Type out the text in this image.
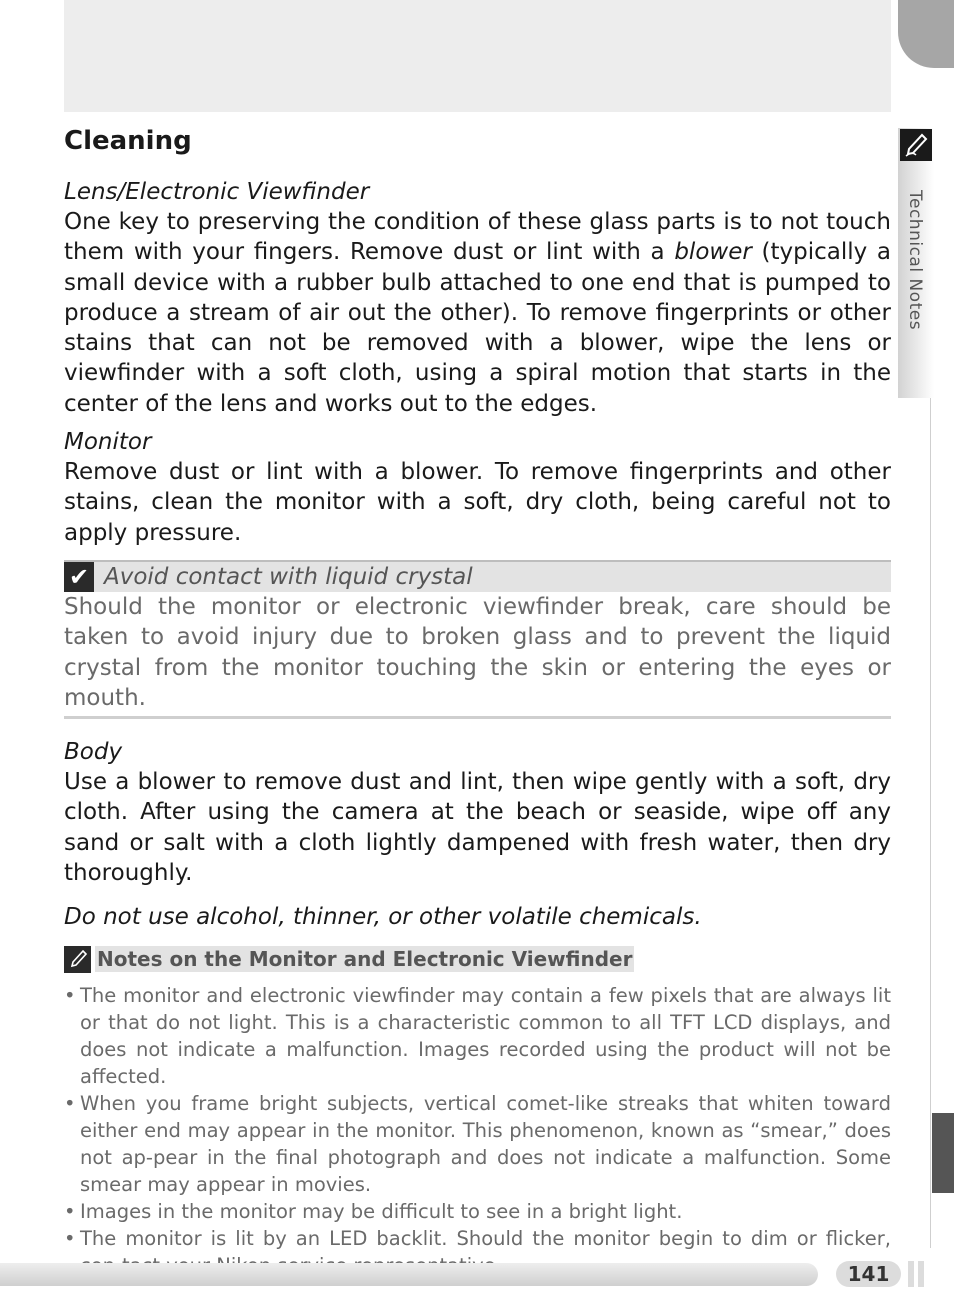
Technical Notes
Cleaning

Lens/Electronic Viewfinder

One key to preserving the condition of these glass parts is to not touch them with your fingers. Remove dust or lint with a blower (typically a small device with a rubber bulb attached to one end that is pumped to produce a stream of air out the other). To remove fingerprints or other stains that can not be removed with a blower, wipe the lens or viewfinder with a soft cloth, using a spiral motion that starts in the center of the lens and works out to the edges.

Monitor

Remove dust or lint with a blower. To remove fingerprints and other stains, clean the monitor with a soft, dry cloth, being careful not to apply pressure.

✔ Avoid contact with liquid crystal

Should the monitor or electronic viewfinder break, care should be taken to avoid injury due to broken glass and to prevent the liquid crystal from the monitor touching the skin or entering the eyes or mouth.

Body

Use a blower to remove dust and lint, then wipe gently with a soft, dry cloth. After using the camera at the beach or seaside, wipe off any sand or salt with a cloth lightly dampened with fresh water, then dry thoroughly.

Do not use alcohol, thinner, or other volatile chemicals.

Notes on the Monitor and Electronic Viewfinder
• The monitor and electronic viewfinder may contain a few pixels that are always lit or that do not light. This is a characteristic common to all TFT LCD displays, and does not indicate a malfunction. Images recorded using the product will not be affected.
• When you frame bright subjects, vertical comet-like streaks that whiten toward either end may appear in the monitor. This phenomenon, known as “smear,” does not ap-pear in the final photograph and does not indicate a malfunction. Some smear may appear in movies.
• Images in the monitor may be difficult to see in a bright light.
• The monitor is lit by an LED backlit. Should the monitor begin to dim or flicker,
141
